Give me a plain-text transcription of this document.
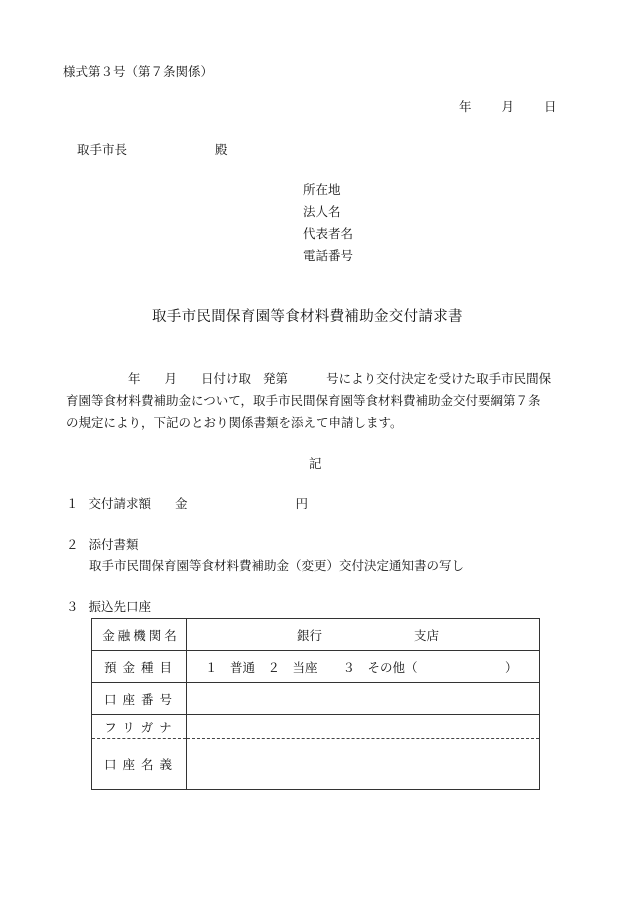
様式第３号（第７条関係）
年 月 日
取手市長	殿
所在地
法人名
代表者名
電話番号
取手市民間保育園等食材料費補助金交付請求書
年 月 日付け取 発第	号により交付決定を受けた取手市民間保
育園等食材料費補助金について，取手市民間保育園等食材料費補助金交付要綱第７条
の規定により，下記のとおり関係書類を添えて申請します。
記
１ 交付請求額 金	円
２ 添付書類
取手市民間保育園等食材料費補助金（変更）交付決定通知書の写し
３ 振込先口座
金融機関名	銀行 支店
預金種目	１　普通　２　当座　　３　その他（　　　　　　　）
口座番号	
フリガナ	
口座名義	
